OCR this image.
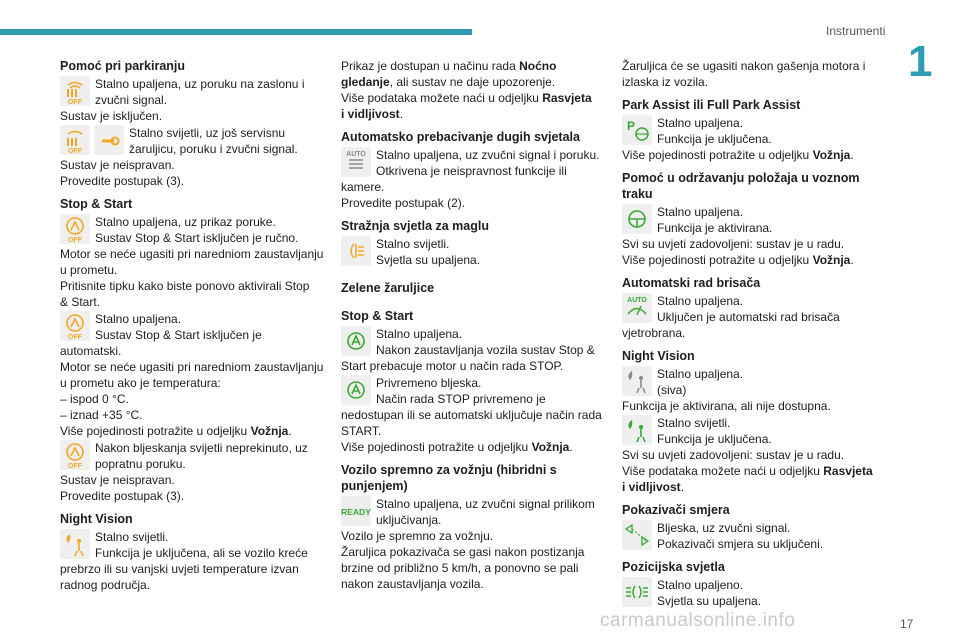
Instrumenti
1
Pomoć pri parkiranju
OFF

Stalno upaljena, uz poruku na zaslonu i

zvučni signal.

Sustav je isključen.

OFF

Stalno svijetli, uz još servisnu

žaruljicu, poruku i zvučni signal.

Sustav je neispravan.

Provedite postupak (3).

Stop & Start
OFF

Stalno upaljena, uz prikaz poruke.

Sustav Stop & Start isključen je ručno.

Motor se neće ugasiti pri naredniom zaustavljanju

u prometu.

Pritisnite tipku kako biste ponovo aktivirali Stop

& Start.

OFF

Stalno upaljena.

Sustav Stop & Start isključen je

automatski.

Motor se neće ugasiti pri naredniom zaustavljanju

u prometu ako je temperatura:

– ispod 0 °C.

– iznad +35 °C.

Više pojedinosti potražite u odjeljku Vožnja.

OFF

Nakon bljeskanja svijetli neprekinuto, uz

popratnu poruku.

Sustav je neispravan.

Provedite postupak (3).

Night Vision

Stalno svijetli.

Funkcija je uključena, ali se vozilo kreće

prebrzo ili su vanjski uvjeti temperature izvan

radnog područja.

Prikaz je dostupan u načinu rada Noćno

gledanje, ali sustav ne daje upozorenje.

Više podataka možete naći u odjeljku Rasvjeta

i vidljivost.

Automatsko prebacivanje dugih svjetala
AUTO Stalno upaljena, uz zvučni signal i poruku.

Otkrivena je neispravnost funkcije ili

kamere.

Provedite postupak (2).

Stražnja svjetla za maglu

Stalno svijetli.

Svjetla su upaljena.

Zelene žaruljice
Stop & Start

Stalno upaljena.

Nakon zaustavljanja vozila sustav Stop &

Start prebacuje motor u način rada STOP.

Privremeno bljeska.

Način rada STOP privremeno je

nedostupan ili se automatski uključuje način rada

START.

Više pojedinosti potražite u odjeljku Vožnja.

Vozilo spremno za vožnju (hibridni s
punjenjem)
READY

Stalno upaljena, uz zvučni signal prilikom

uključivanja.

Vozilo je spremno za vožnju.

Žaruljica pokazivača se gasi nakon postizanja

brzine od približno 5 km/h, a ponovno se pali

nakon zaustavljanja vozila.

Žaruljica će se ugasiti nakon gašenja motora i

izlaska iz vozila.

Park Assist ili Full Park Assist
P	Stalno upaljena.

Funkcija je uključena.

Više pojedinosti potražite u odjeljku Vožnja.

Pomoć u održavanju položaja u voznom
traku

Stalno upaljena.

Funkcija je aktivirana.

Svi su uvjeti zadovoljeni: sustav je u radu.

Više pojedinosti potražite u odjeljku Vožnja.

Automatski rad brisača
AUTO Stalno upaljena.

Uključen je automatski rad brisača

vjetrobrana.

Night Vision

Stalno upaljena.

(siva)

Funkcija je aktivirana, ali nije dostupna.

Stalno svijetli.

Funkcija je uključena.

Svi su uvjeti zadovoljeni: sustav je u radu.

Više podataka možete naći u odjeljku Rasvjeta

i vidljivost.

Pokazivači smjera

Bljeska, uz zvučni signal.

Pokazivači smjera su uključeni.

Pozicijska svjetla

Stalno upaljeno.

Svjetla su upaljena.

carmanualsonline.info	17
